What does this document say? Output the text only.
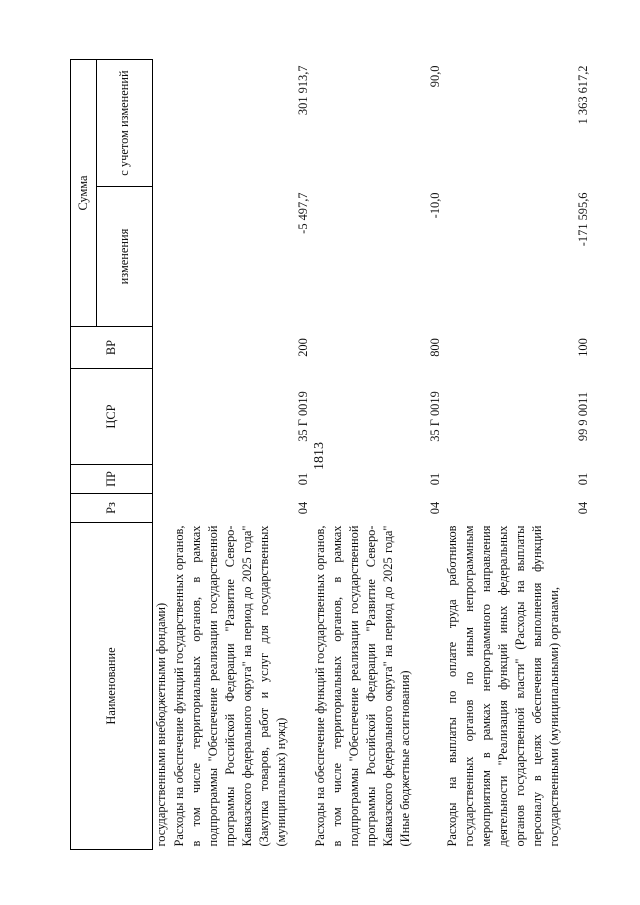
1813
Наименование	Рз	ПР	ЦСР	ВР	Сумма	
					изменения	с учетом изменений
государственными внебюджетными фондами)						
Расходы на обеспечение функций государственных органов, в том числе территориальных органов, в рамках подпрограммы "Обеспечение реализации государственной программы Российской Федерации "Развитие Северо-Кавказского федерального округа" на период до 2025 года" (Закупка товаров, работ и услуг для государственных (муниципальных) нужд)	04	01	35 Г 0019	200	-5 497,7	301 913,7
Расходы на обеспечение функций государственных органов, в том числе территориальных органов, в рамках подпрограммы "Обеспечение реализации государственной программы Российской Федерации "Развитие Северо-Кавказского федерального округа" на период до 2025 года" (Иные бюджетные ассигнования)	04	01	35 Г 0019	800	-10,0	90,0
Расходы на выплаты по оплате труда работников государственных органов по иным непрограммным мероприятиям в рамках непрограммного направления деятельности "Реализация функций иных федеральных органов государственной власти" (Расходы на выплаты персоналу в целях обеспечения выполнения функций государственными (муниципальными) органами,	04	01	99 9 0011	100	-171 595,6	1 363 617,2
